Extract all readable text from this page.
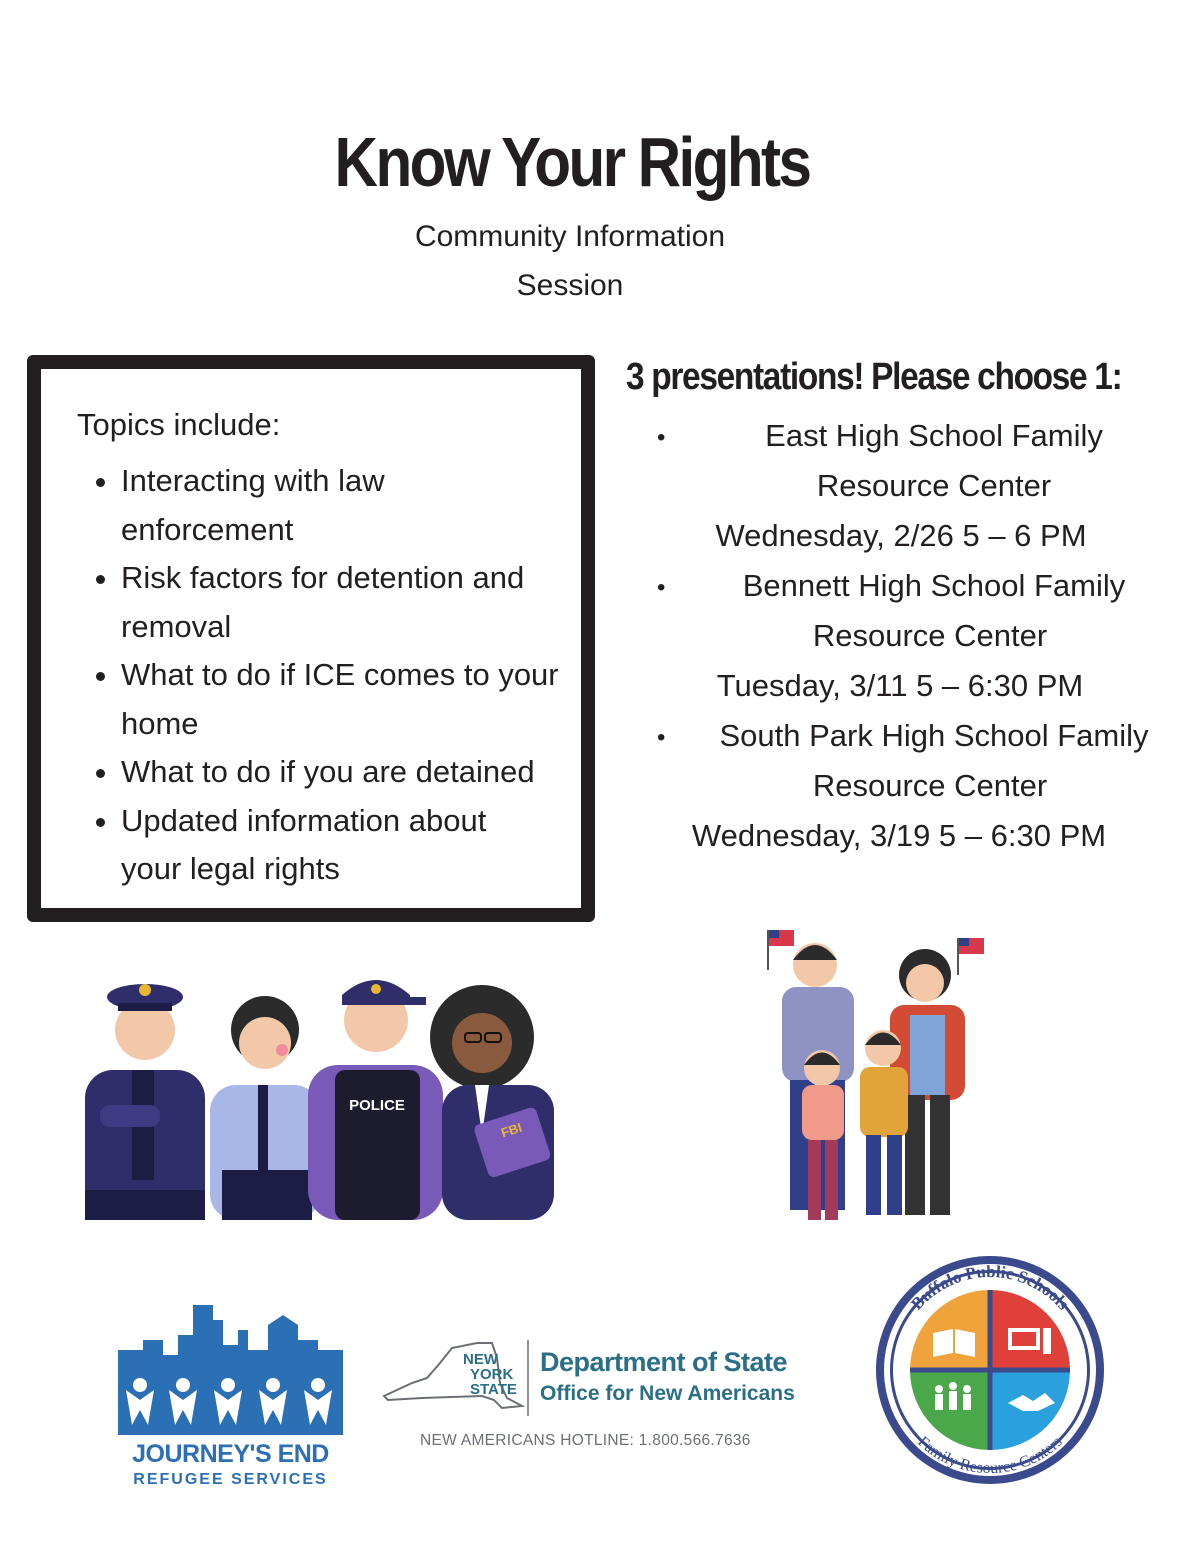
Know Your Rights
Community Information
Session
Topics include:
• Interacting with law
enforcement
• Risk factors for detention and
removal
• What to do if ICE comes to your
home
• What to do if you are detained
• Updated information about
your legal rights
3 presentations! Please choose 1:
•	East High School Family
Resource Center
Wednesday, 2/26 5 – 6 PM
•	Bennett High School Family
Resource Center
Tuesday, 3/11 5 – 6:30 PM
•	South Park High School Family
Resource Center
Wednesday, 3/19 5 – 6:30 PM
POLICE
FBI
JOURNEY'S END
REFUGEE SERVICES
NEW
YORK
STATE
Department of State
Office for New Americans
NEW AMERICANS HOTLINE: 1.800.566.7636
Buffalo Public Schools
Family Resource Centers
